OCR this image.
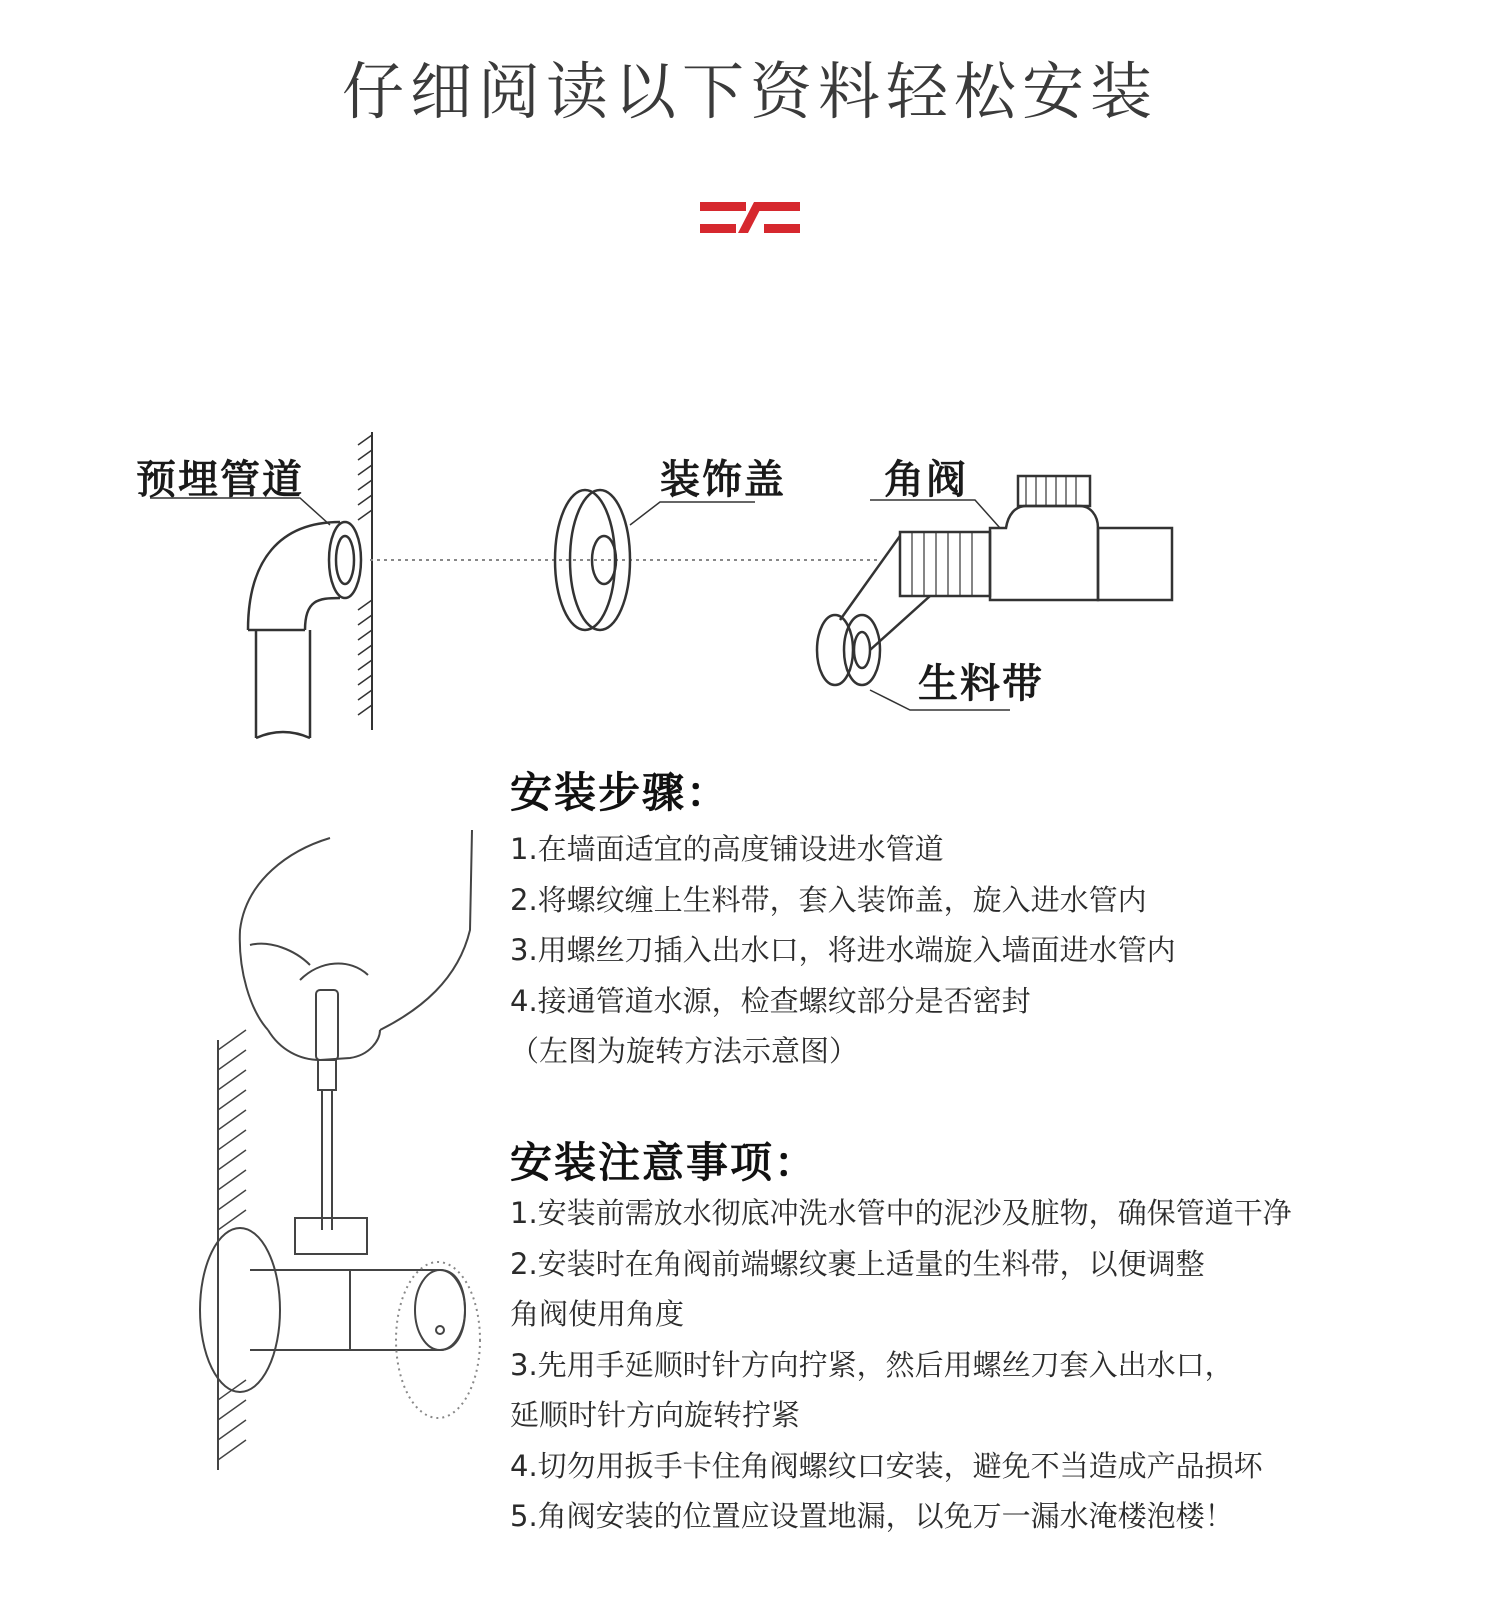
仔细阅读以下资料轻松安装
预埋管道	装饰盖 角阀
生料带
安装步骤：
1.在墙面适宜的高度铺设进水管道
2.将螺纹缠上生料带，套入装饰盖，旋入进水管内
3.用螺丝刀插入出水口，将进水端旋入墙面进水管内
4.接通管道水源，检查螺纹部分是否密封
（左图为旋转方法示意图）
安装注意事项：
1.安装前需放水彻底冲洗水管中的泥沙及脏物，确保管道干净
2.安装时在角阀前端螺纹裹上适量的生料带，以便调整
角阀使用角度
3.先用手延顺时针方向拧紧，然后用螺丝刀套入出水口，
延顺时针方向旋转拧紧
4.切勿用扳手卡住角阀螺纹口安装，避免不当造成产品损坏
5.角阀安装的位置应设置地漏，以免万一漏水淹楼泡楼！
